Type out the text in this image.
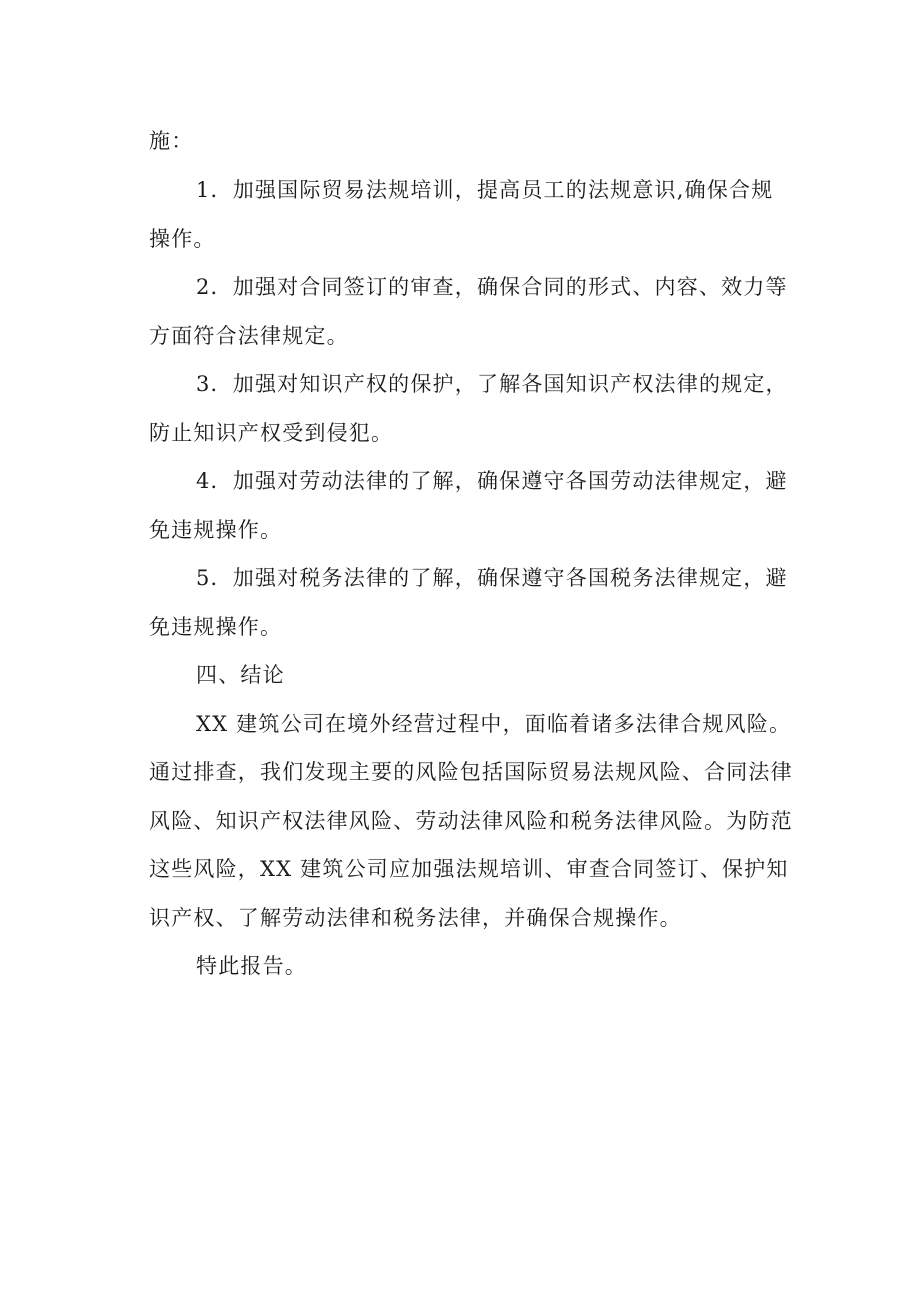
施：
1．加强国际贸易法规培训，提高员工的法规意识,确保合规
操作。
2．加强对合同签订的审查，确保合同的形式、内容、效力等
方面符合法律规定。
3．加强对知识产权的保护，了解各国知识产权法律的规定，
防止知识产权受到侵犯。
4．加强对劳动法律的了解，确保遵守各国劳动法律规定，避
免违规操作。
5．加强对税务法律的了解，确保遵守各国税务法律规定，避
免违规操作。
四、结论
XX 建筑公司在境外经营过程中，面临着诸多法律合规风险。
通过排查，我们发现主要的风险包括国际贸易法规风险、合同法律
风险、知识产权法律风险、劳动法律风险和税务法律风险。为防范
这些风险，XX 建筑公司应加强法规培训、审查合同签订、保护知
识产权、了解劳动法律和税务法律，并确保合规操作。
特此报告。
